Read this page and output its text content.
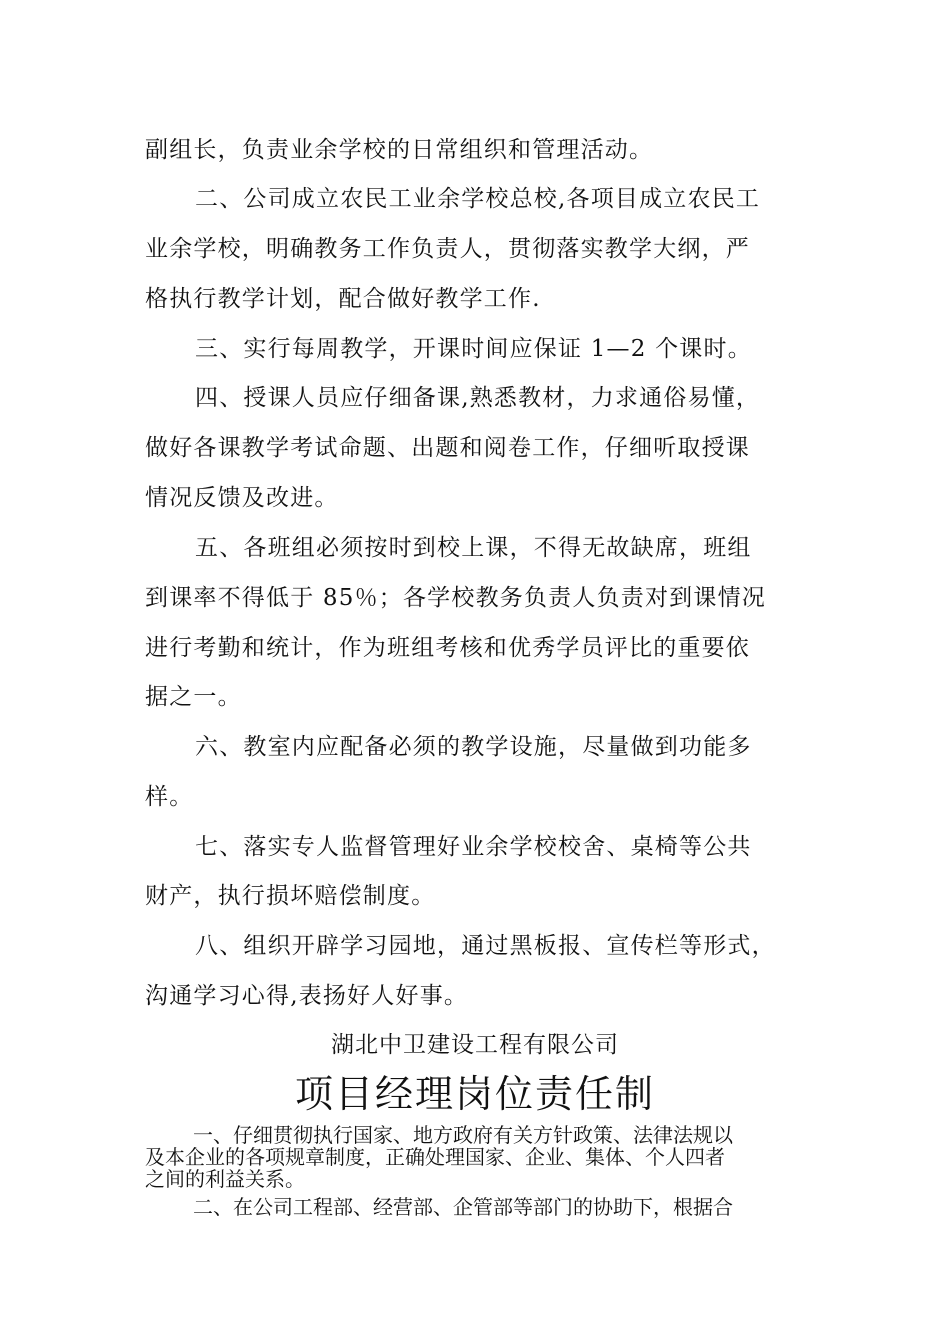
副组长，负责业余学校的日常组织和管理活动。
二、公司成立农民工业余学校总校,各项目成立农民工
业余学校，明确教务工作负责人，贯彻落实教学大纲，严
格执行教学计划，配合做好教学工作.
三、实行每周教学，开课时间应保证 1—2 个课时。
四、授课人员应仔细备课,熟悉教材，力求通俗易懂，
做好各课教学考试命题、出题和阅卷工作，仔细听取授课
情况反馈及改进。
五、各班组必须按时到校上课，不得无故缺席，班组
到课率不得低于 85％；各学校教务负责人负责对到课情况
进行考勤和统计，作为班组考核和优秀学员评比的重要依
据之一。
六、教室内应配备必须的教学设施，尽量做到功能多
样。
七、落实专人监督管理好业余学校校舍、桌椅等公共
财产，执行损坏赔偿制度。
八、组织开辟学习园地，通过黑板报、宣传栏等形式，
沟通学习心得,表扬好人好事。
湖北中卫建设工程有限公司
项目经理岗位责任制
一、仔细贯彻执行国家、地方政府有关方针政策、法律法规以
及本企业的各项规章制度，正确处理国家、企业、集体、个人四者
之间的利益关系。
二、在公司工程部、经营部、企管部等部门的协助下，根据合
